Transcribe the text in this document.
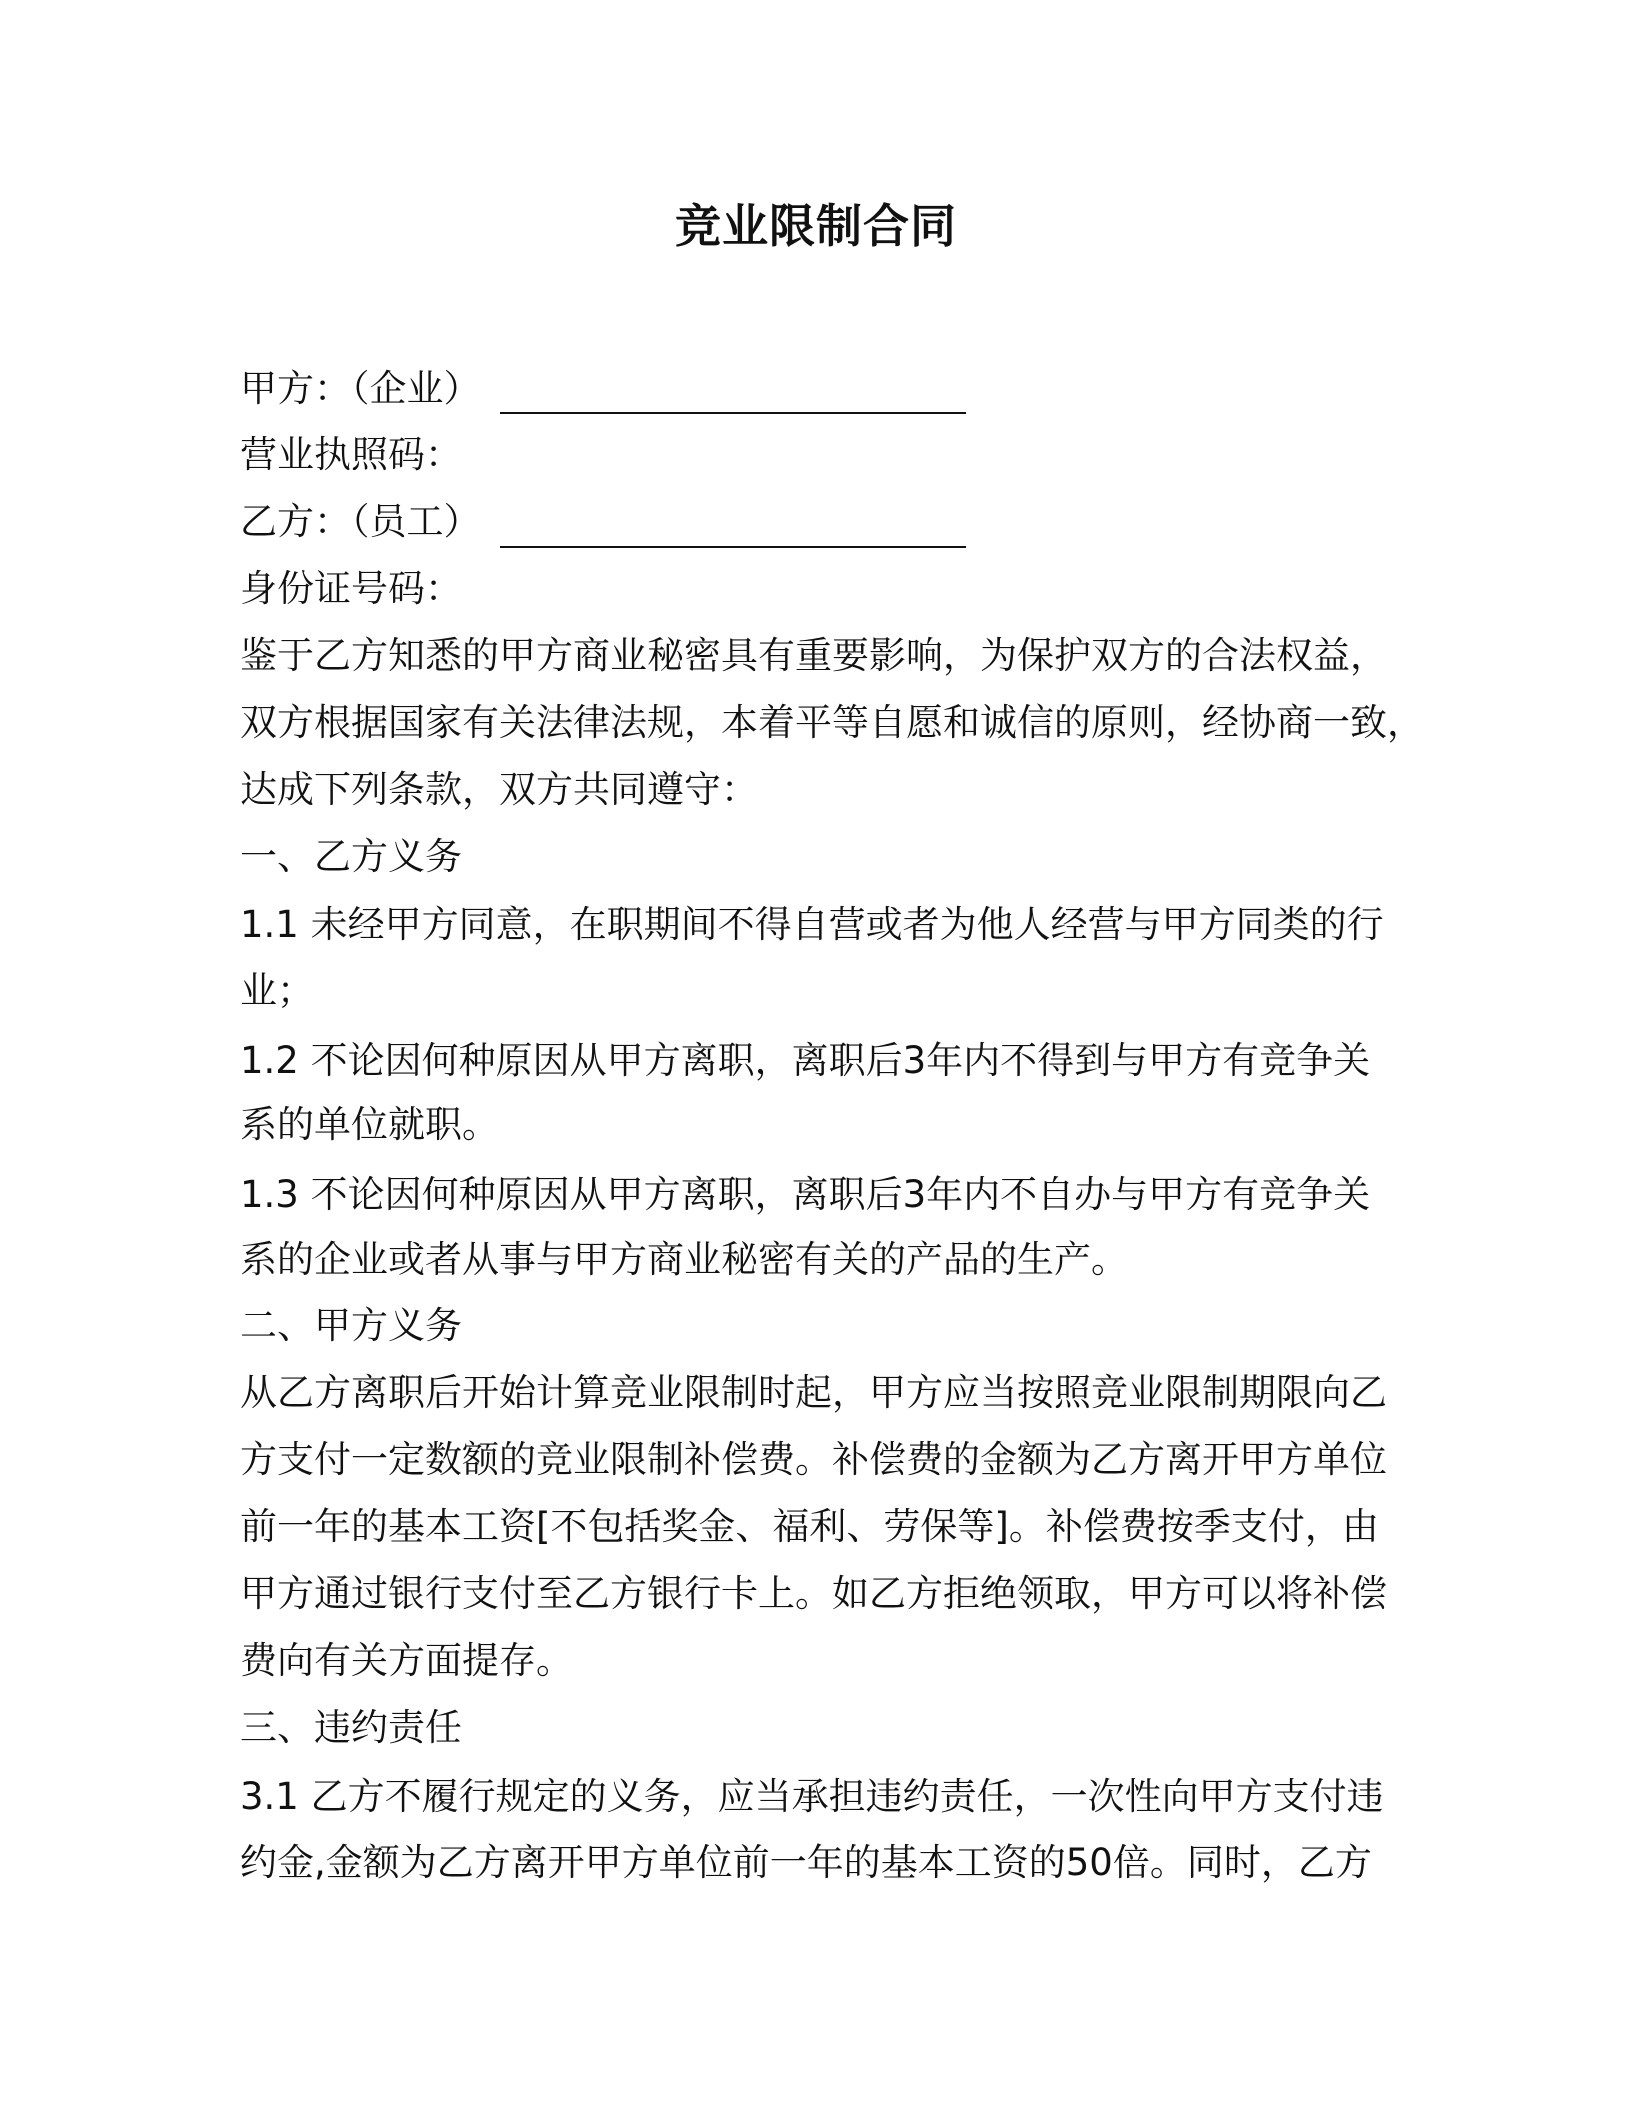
竞业限制合同
甲方：（企业）
营业执照码：
乙方：（员工）
身份证号码：
鉴于乙方知悉的甲方商业秘密具有重要影响，为保护双方的合法权益，
双方根据国家有关法律法规，本着平等自愿和诚信的原则，经协商一致，
达成下列条款，双方共同遵守：
一、乙方义务
1.1 未经甲方同意，在职期间不得自营或者为他人经营与甲方同类的行
业；
1.2 不论因何种原因从甲方离职，离职后3年内不得到与甲方有竞争关
系的单位就职。
1.3 不论因何种原因从甲方离职，离职后3年内不自办与甲方有竞争关
系的企业或者从事与甲方商业秘密有关的产品的生产。
二、甲方义务
从乙方离职后开始计算竞业限制时起，甲方应当按照竞业限制期限向乙
方支付一定数额的竞业限制补偿费。补偿费的金额为乙方离开甲方单位
前一年的基本工资[不包括奖金、福利、劳保等]。补偿费按季支付，由
甲方通过银行支付至乙方银行卡上。如乙方拒绝领取，甲方可以将补偿
费向有关方面提存。
三、违约责任
3.1 乙方不履行规定的义务，应当承担违约责任，一次性向甲方支付违
约金,金额为乙方离开甲方单位前一年的基本工资的50倍。同时，乙方
